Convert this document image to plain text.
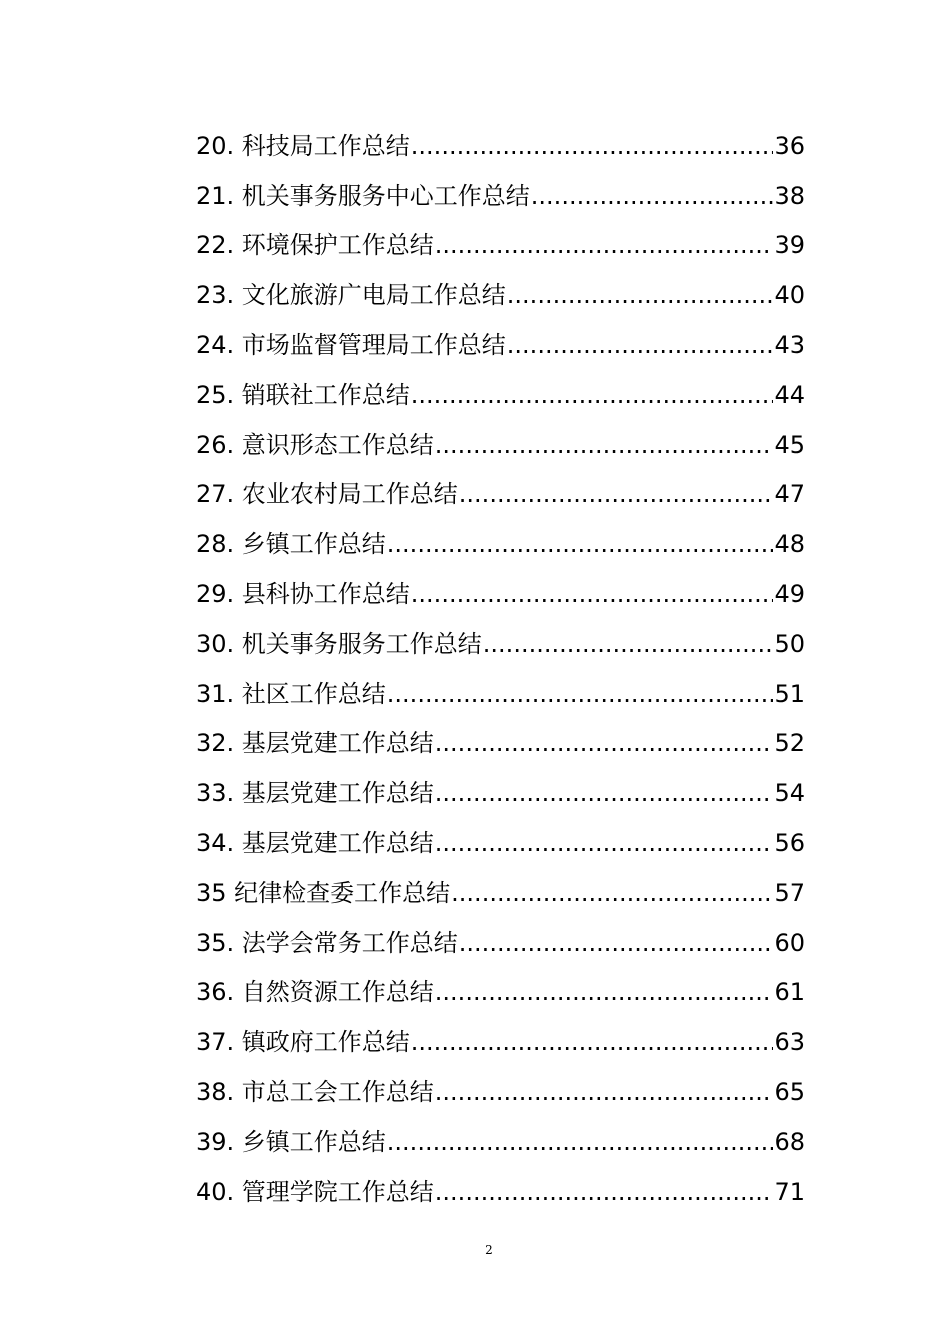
20. 科技局工作总结 .....	36
21. 机关事务服务中心工作总结 .....	38
22. 环境保护工作总结 .....	39
23. 文化旅游广电局工作总结 .....	40
24. 市场监督管理局工作总结 .....	43
25. 销联社工作总结 .....	44
26. 意识形态工作总结 .....	45
27. 农业农村局工作总结 .....	47
28. 乡镇工作总结 .....	48
29. 县科协工作总结 .....	49
30. 机关事务服务工作总结 .....	50
31. 社区工作总结 .....	51
32. 基层党建工作总结 .....	52
33. 基层党建工作总结 .....	54
34. 基层党建工作总结 .....	56
35 纪律检查委工作总结 .....	57
35. 法学会常务工作总结 .....	60
36. 自然资源工作总结 .....	61
37. 镇政府工作总结 .....	63
38. 市总工会工作总结 .....	65
39. 乡镇工作总结 .....	68
40. 管理学院工作总结 .....	71
2
